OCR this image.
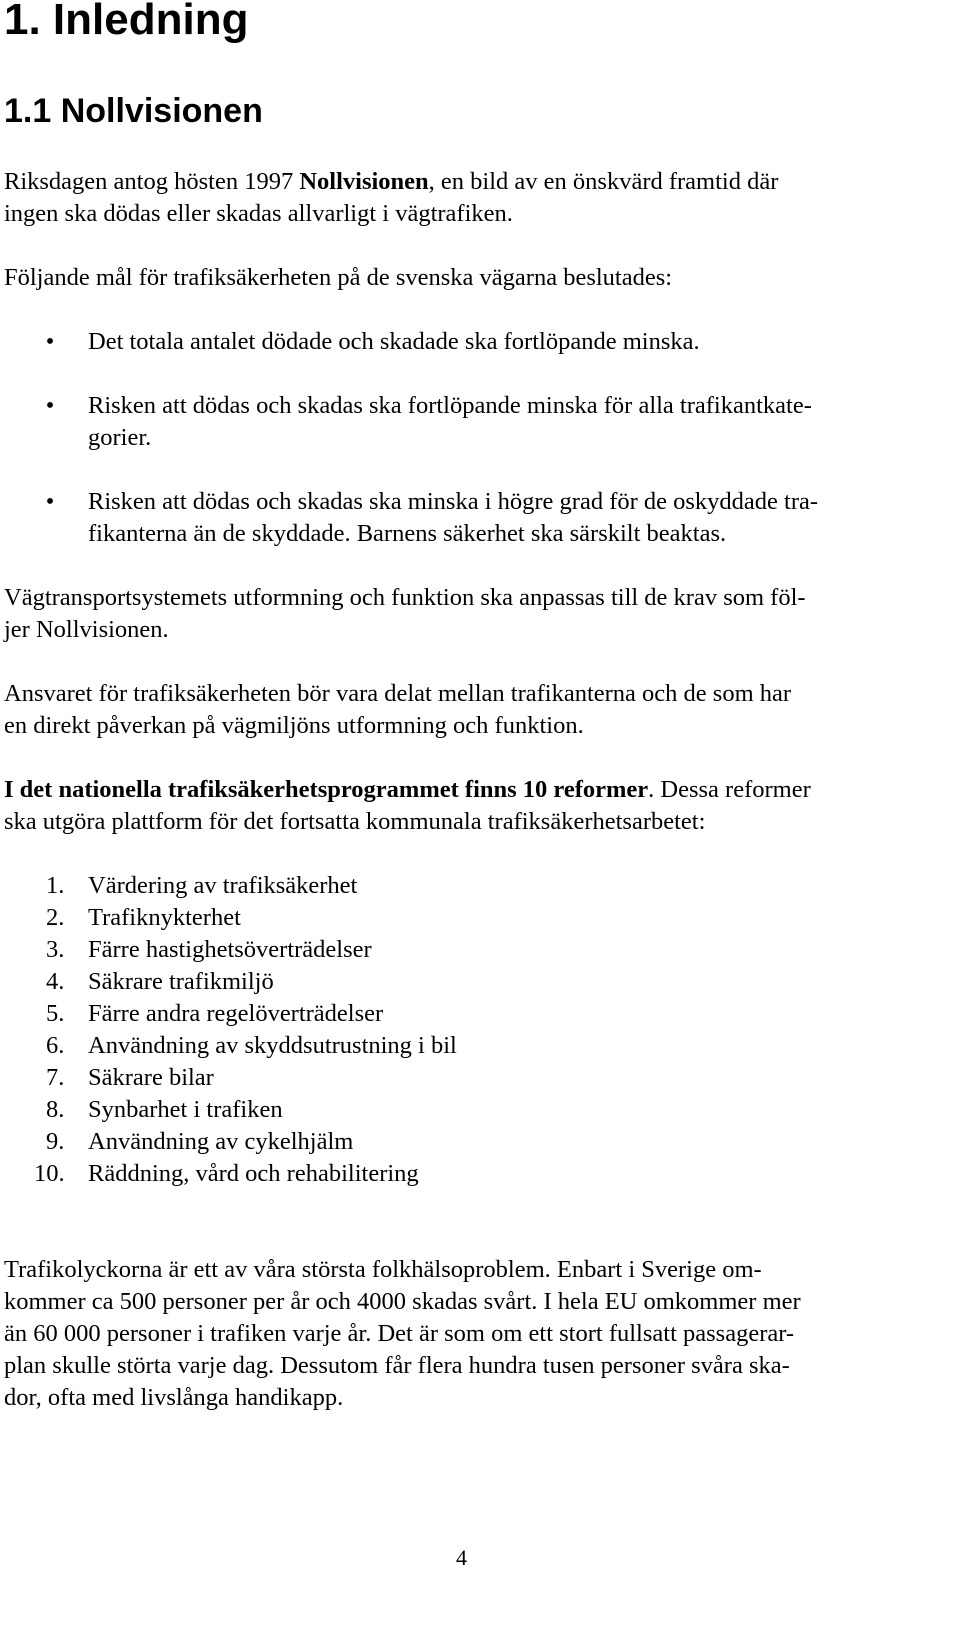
1. Inledning
1.1 Nollvisionen
Riksdagen antog hösten 1997 Nollvisionen, en bild av en önskvärd framtid där
ingen ska dödas eller skadas allvarligt i vägtrafiken.
Följande mål för trafiksäkerheten på de svenska vägarna beslutades:
• Det totala antalet dödade och skadade ska fortlöpande minska.
• Risken att dödas och skadas ska fortlöpande minska för alla trafikantkate-
gorier.
• Risken att dödas och skadas ska minska i högre grad för de oskyddade tra-
fikanterna än de skyddade. Barnens säkerhet ska särskilt beaktas.
Vägtransportsystemets utformning och funktion ska anpassas till de krav som föl-
jer Nollvisionen.
Ansvaret för trafiksäkerheten bör vara delat mellan trafikanterna och de som har
en direkt påverkan på vägmiljöns utformning och funktion.
I det nationella trafiksäkerhetsprogrammet finns 10 reformer. Dessa reformer
ska utgöra plattform för det fortsatta kommunala trafiksäkerhetsarbetet:
1. Värdering av trafiksäkerhet
2. Trafiknykterhet
3. Färre hastighetsöverträdelser
4. Säkrare trafikmiljö
5. Färre andra regelöverträdelser
6. Användning av skyddsutrustning i bil
7. Säkrare bilar
8. Synbarhet i trafiken
9. Användning av cykelhjälm
10. Räddning, vård och rehabilitering
Trafikolyckorna är ett av våra största folkhälsoproblem. Enbart i Sverige om-
kommer ca 500 personer per år och 4000 skadas svårt. I hela EU omkommer mer
än 60 000 personer i trafiken varje år. Det är som om ett stort fullsatt passagerar-
plan skulle störta varje dag. Dessutom får flera hundra tusen personer svåra ska-
dor, ofta med livslånga handikapp.
4
